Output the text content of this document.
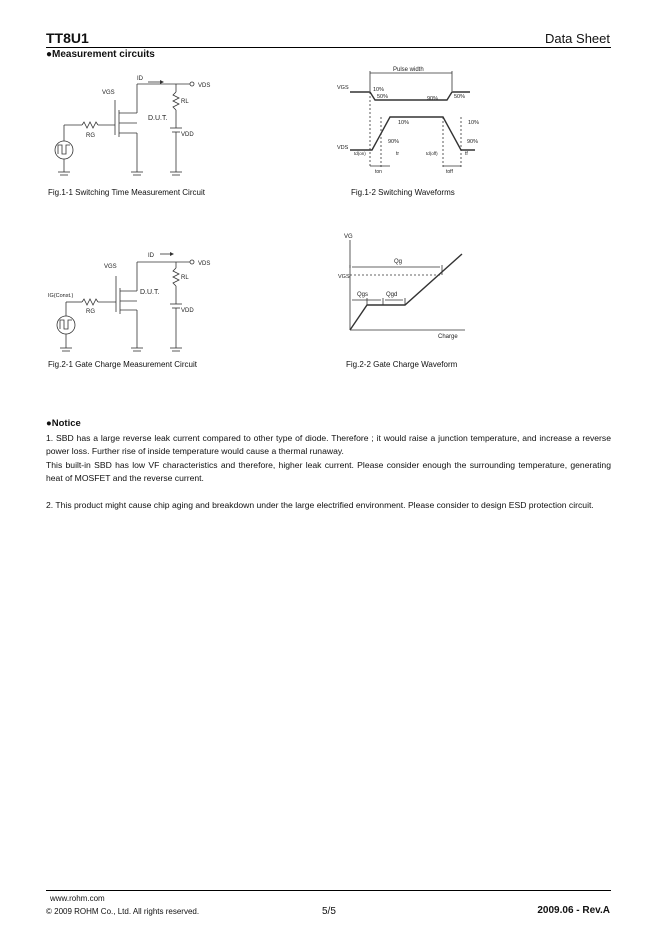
TT8U1	Data Sheet
●Measurement circuits
VGS
ID
VDS
RL
D.U.T.
RG	VDD
Fig.1-1 Switching Time Measurement Circuit
Pulse width
VGS	10%
50%	90%	50%
10%	10%
VDS
90%	90%
td(on)	tr	td(off)	tf
ton	toff
Fig.1-2 Switching Waveforms
VGS
ID
VDS
RL
D.U.T.
IG(Const.)
RG	VDD
Fig.2-1 Gate Charge Measurement Circuit
VG
Qg
VGS
Qgs	Qgd
Charge
Fig.2-2 Gate Charge Waveform
●Notice

1. SBD has a large reverse leak current compared to other type of diode. Therefore ; it would raise a junction temperature, and increase a reverse power loss. Further rise of inside temperature would cause a thermal runaway.

This built-in SBD has low VF characteristics and therefore, higher leak current. Please consider enough the surrounding temperature, generating heat of MOSFET and the reverse current.

2. This product might cause chip aging and breakdown under the large electrified environment. Please consider to design ESD protection circuit.

www.rohm.com
© 2009 ROHM Co., Ltd. All rights reserved.	5/5	2009.06 - Rev.A
